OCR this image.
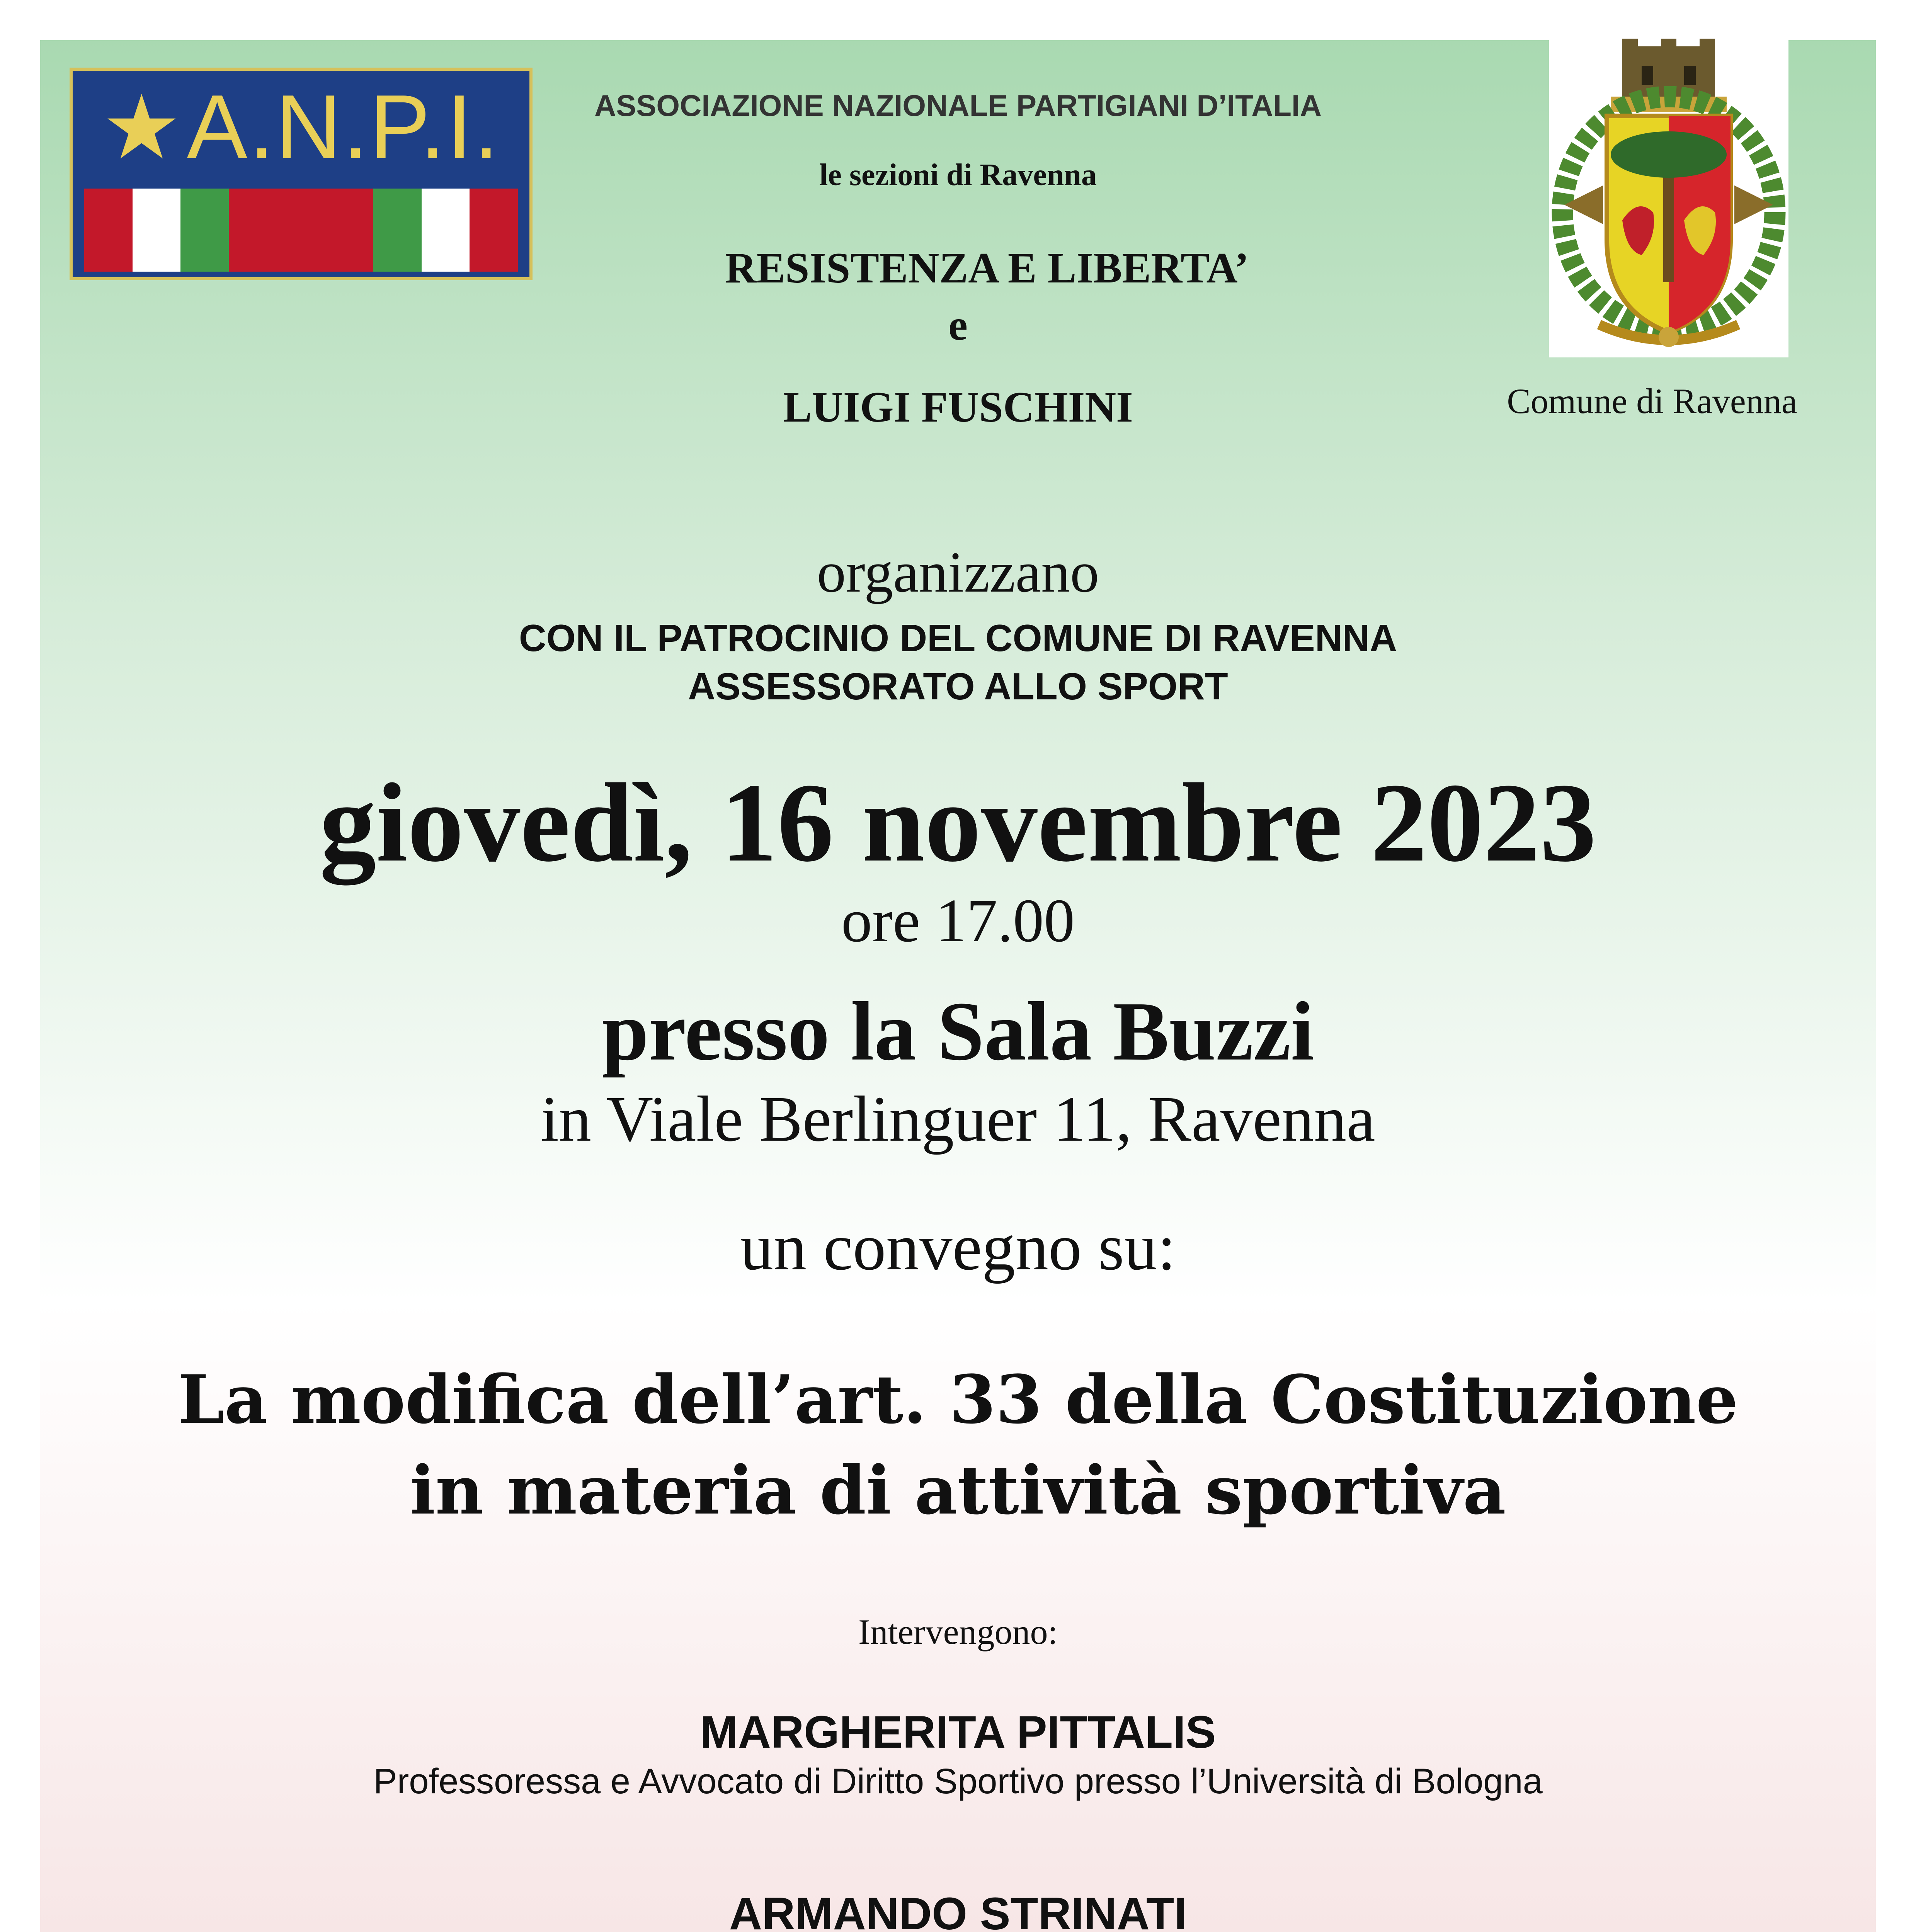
★A.N.P.I.	ASSOCIAZIONE NAZIONALE PARTIGIANI D’ITALIA
le sezioni di Ravenna
RESISTENZA E LIBERTA’
e
LUIGI FUSCHINI	Comune di Ravenna
organizzano
CON IL PATROCINIO DEL COMUNE DI RAVENNA
ASSESSORATO ALLO SPORT
giovedì, 16 novembre 2023
ore 17.00
presso la Sala Buzzi
in Viale Berlinguer 11, Ravenna
un convegno su:
La modifica dell’art. 33 della Costituzione
in materia di attività sportiva
Intervengono:
MARGHERITA PITTALIS
Professoressa e Avvocato di Diritto Sportivo presso l’Università di Bologna
ARMANDO STRINATI
